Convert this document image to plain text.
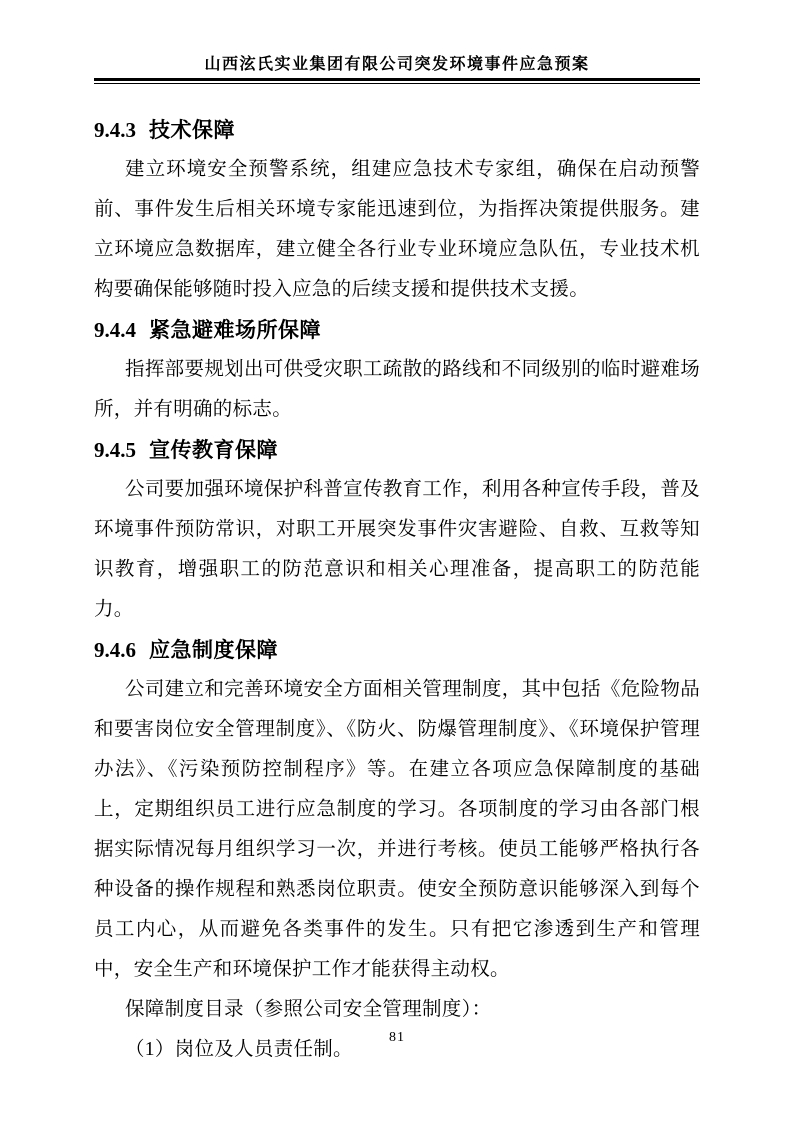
山西泫氏实业集团有限公司突发环境事件应急预案
9.4.3 技术保障

建立环境安全预警系统，组建应急技术专家组，确保在启动预警前、事件发生后相关环境专家能迅速到位，为指挥决策提供服务。建立环境应急数据库，建立健全各行业专业环境应急队伍，专业技术机构要确保能够随时投入应急的后续支援和提供技术支援。

9.4.4 紧急避难场所保障

指挥部要规划出可供受灾职工疏散的路线和不同级别的临时避难场所，并有明确的标志。

9.4.5 宣传教育保障

公司要加强环境保护科普宣传教育工作，利用各种宣传手段，普及环境事件预防常识，对职工开展突发事件灾害避险、自救、互救等知识教育，增强职工的防范意识和相关心理准备，提高职工的防范能力。

9.4.6 应急制度保障

公司建立和完善环境安全方面相关管理制度，其中包括《危险物品和要害岗位安全管理制度》、《防火、防爆管理制度》、《环境保护管理办法》、《污染预防控制程序》等。在建立各项应急保障制度的基础上，定期组织员工进行应急制度的学习。各项制度的学习由各部门根据实际情况每月组织学习一次，并进行考核。使员工能够严格执行各种设备的操作规程和熟悉岗位职责。使安全预防意识能够深入到每个员工内心，从而避免各类事件的发生。只有把它渗透到生产和管理中，安全生产和环境保护工作才能获得主动权。

保障制度目录（参照公司安全管理制度）：

（1）岗位及人员责任制。

81
